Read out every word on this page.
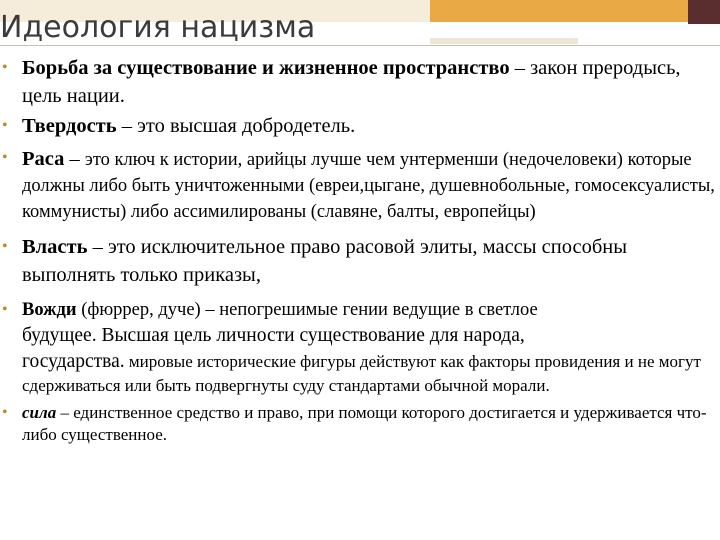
Идеология нацизма
• Борьба за существование и жизненное пространство – закон преродысь, цель нации.
• Твердость – это высшая добродетель.
• Раса – это ключ к истории, арийцы лучше чем унтерменши (недочеловеки) которые должны либо быть уничтоженными (евреи,цыгане, душевнобольные, гомосексуалисты, коммунисты) либо ассимилированы (славяне, балты, европейцы)
• Власть – это исключительное право расовой элиты, массы способны выполнять только приказы,
• Вожди (фюррер, дуче) – непогрешимые гении ведущие в светлое
будущее. Высшая цель личности существование для народа,
государства. мировые исторические фигуры действуют как факторы провидения и не могут сдерживаться или быть подвергнуты суду стандартами обычной морали.
• сила – единственное средство и право, при помощи которого достигается и удерживается что-либо существенное.
